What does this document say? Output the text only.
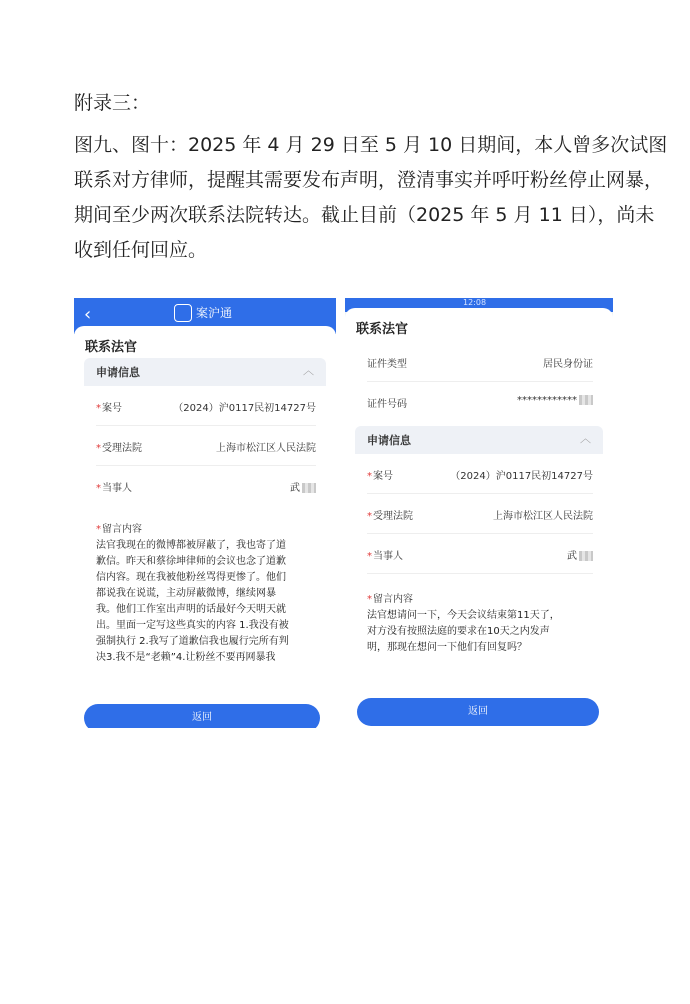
附录三：
图九、图十：2025 年 4 月 29 日至 5 月 10 日期间，本人曾多次试图
联系对方律师，提醒其需要发布声明，澄清事实并呼吁粉丝停止网暴，
期间至少两次联系法院转达。截止目前（2025 年 5 月 11 日），尚未
收到任何回应。
‹	案沪通
联系法官
申请信息	︿
*案号	（2024）沪0117民初14727号
*受理法院	上海市松江区人民法院
*当事人	武
*留言内容
法官我现在的微博都被屏蔽了，我也寄了道
歉信。昨天和蔡徐坤律师的会议也念了道歉
信内容。现在我被他粉丝骂得更惨了。他们
都说我在说谎，主动屏蔽微博，继续网暴
我。他们工作室出声明的话最好今天明天就
出。里面一定写这些真实的内容 1.我没有被
强制执行 2.我写了道歉信我也履行完所有判
决3.我不是“老赖”4.让粉丝不要再网暴我
返回
12:08
联系法官
证件类型	居民身份证
证件号码	************
申请信息	︿
*案号	（2024）沪0117民初14727号
*受理法院	上海市松江区人民法院
*当事人	武
*留言内容
法官想请问一下，今天会议结束第11天了，
对方没有按照法庭的要求在10天之内发声
明，那现在想问一下他们有回复吗？
返回
